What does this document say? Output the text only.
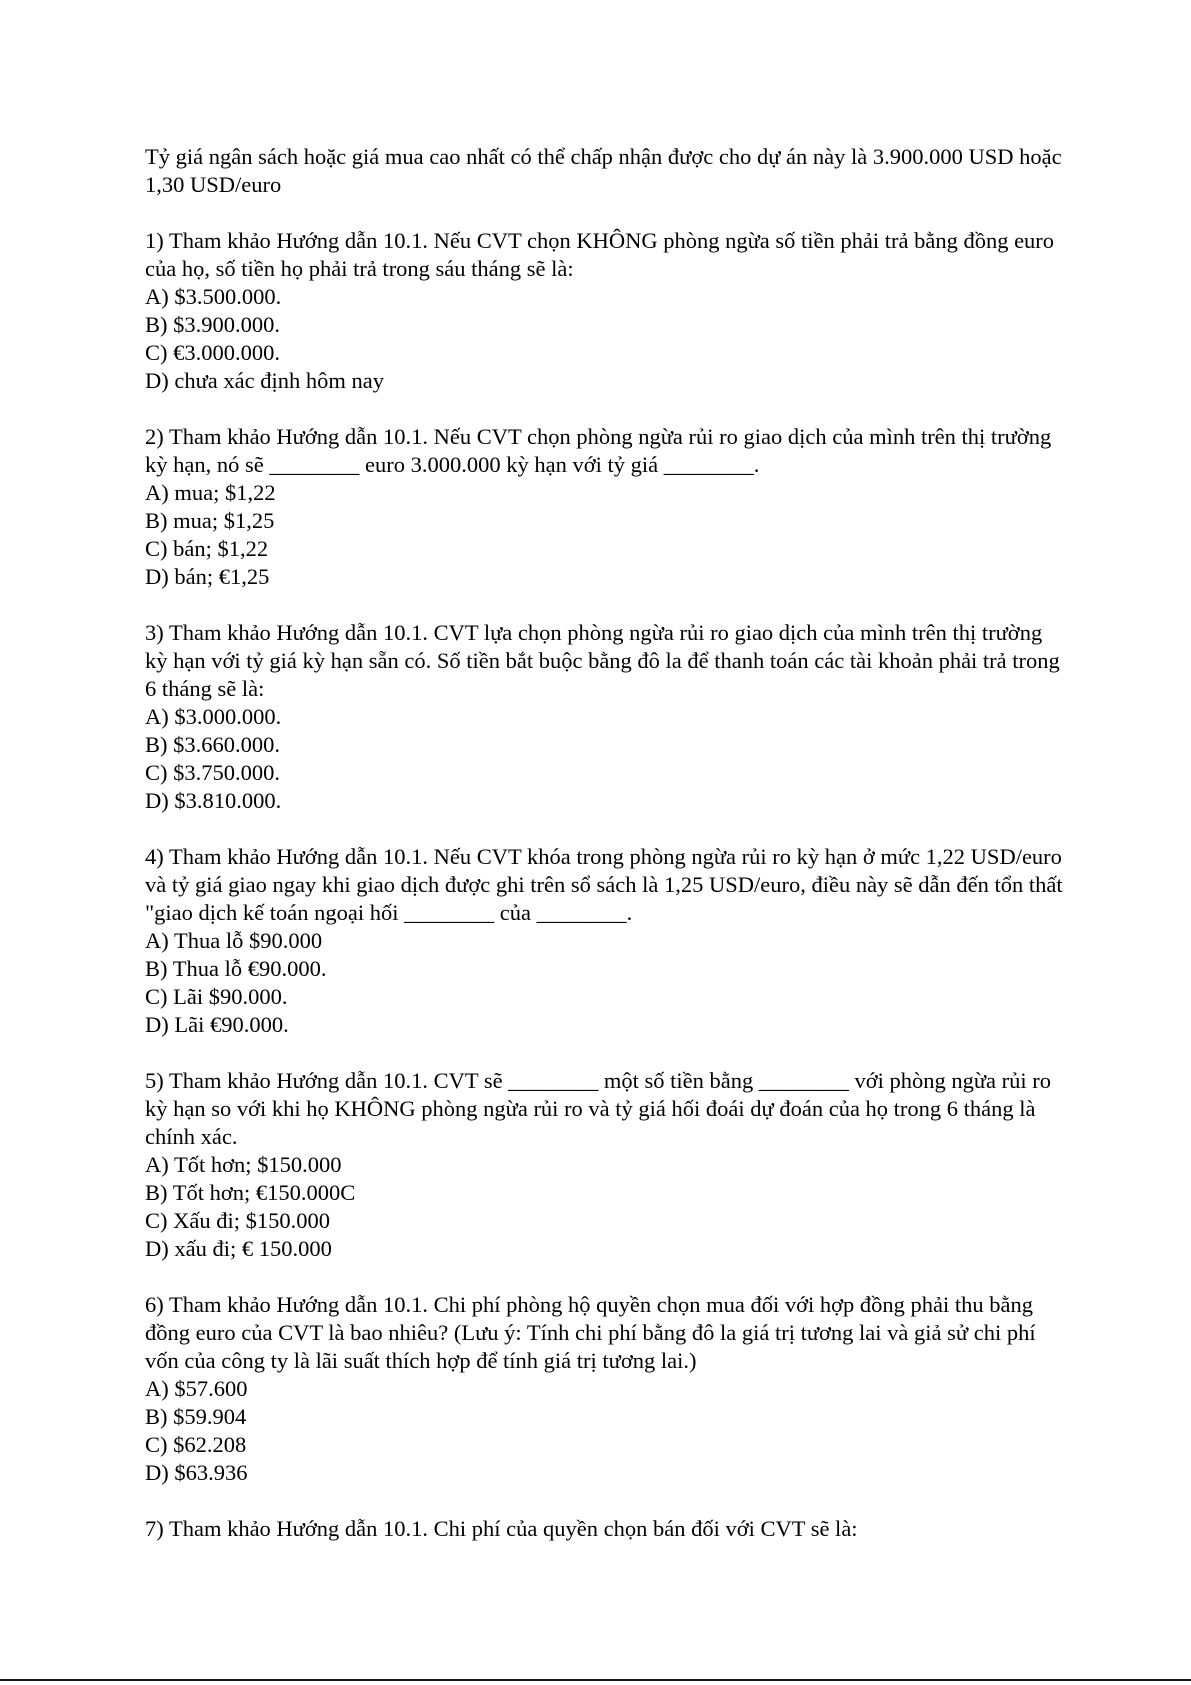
Tỷ giá ngân sách hoặc giá mua cao nhất có thể chấp nhận được cho dự án này là 3.900.000 USD hoặc 1,30 USD/euro

1) Tham khảo Hướng dẫn 10.1. Nếu CVT chọn KHÔNG phòng ngừa số tiền phải trả bằng đồng euro của họ, số tiền họ phải trả trong sáu tháng sẽ là:

A) $3.500.000.

B) $3.900.000.

C) €3.000.000.

D) chưa xác định hôm nay

2) Tham khảo Hướng dẫn 10.1. Nếu CVT chọn phòng ngừa rủi ro giao dịch của mình trên thị trường kỳ hạn, nó sẽ ________ euro 3.000.000 kỳ hạn với tỷ giá ________.

A) mua; $1,22

B) mua; $1,25

C) bán; $1,22

D) bán; €1,25

3) Tham khảo Hướng dẫn 10.1. CVT lựa chọn phòng ngừa rủi ro giao dịch của mình trên thị trường kỳ hạn với tỷ giá kỳ hạn sẵn có. Số tiền bắt buộc bằng đô la để thanh toán các tài khoản phải trả trong 6 tháng sẽ là:

A) $3.000.000.

B) $3.660.000.

C) $3.750.000.

D) $3.810.000.

4) Tham khảo Hướng dẫn 10.1. Nếu CVT khóa trong phòng ngừa rủi ro kỳ hạn ở mức 1,22 USD/euro và tỷ giá giao ngay khi giao dịch được ghi trên sổ sách là 1,25 USD/euro, điều này sẽ dẫn đến tổn thất "giao dịch kế toán ngoại hối ________ của ________.

A) Thua lỗ $90.000

B) Thua lỗ €90.000.

C) Lãi $90.000.

D) Lãi €90.000.

5) Tham khảo Hướng dẫn 10.1. CVT sẽ ________ một số tiền bằng ________ với phòng ngừa rủi ro kỳ hạn so với khi họ KHÔNG phòng ngừa rủi ro và tỷ giá hối đoái dự đoán của họ trong 6 tháng là chính xác.

A) Tốt hơn; $150.000

B) Tốt hơn; €150.000C

C) Xấu đi; $150.000

D) xấu đi; € 150.000

6) Tham khảo Hướng dẫn 10.1. Chi phí phòng hộ quyền chọn mua đối với hợp đồng phải thu bằng đồng euro của CVT là bao nhiêu? (Lưu ý: Tính chi phí bằng đô la giá trị tương lai và giả sử chi phí vốn của công ty là lãi suất thích hợp để tính giá trị tương lai.)

A) $57.600

B) $59.904

C) $62.208

D) $63.936

7) Tham khảo Hướng dẫn 10.1. Chi phí của quyền chọn bán đối với CVT sẽ là:
